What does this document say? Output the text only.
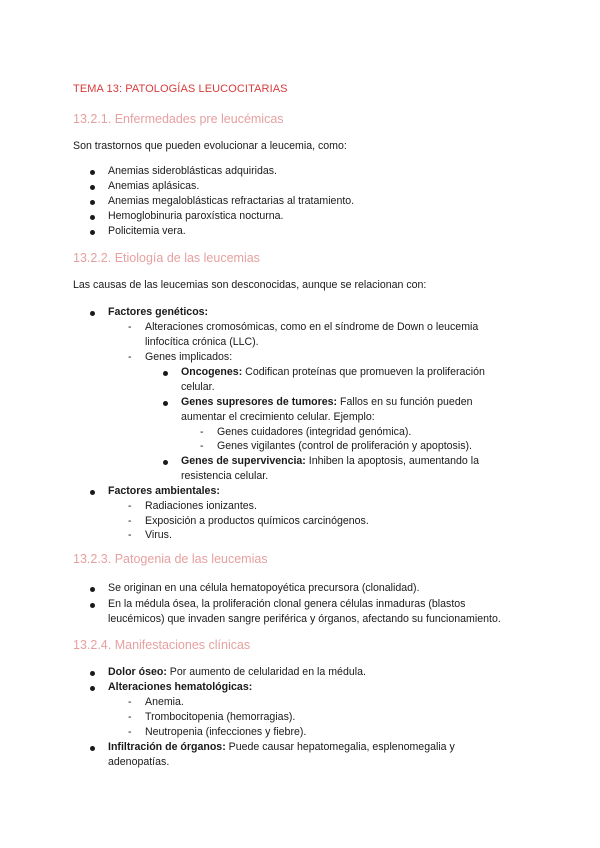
TEMA 13: PATOLOGÍAS LEUCOCITARIAS
13.2.1. Enfermedades pre leucémicas
Son trastornos que pueden evolucionar a leucemia, como:
Anemias sideroblásticas adquiridas.
Anemias aplásicas.
Anemias megaloblásticas refractarias al tratamiento.
Hemoglobinuria paroxística nocturna.
Policitemia vera.
13.2.2. Etiología de las leucemias
Las causas de las leucemias son desconocidas, aunque se relacionan con:
Factores genéticos:
- Alteraciones cromosómicas, como en el síndrome de Down o leucemia
linfocítica crónica (LLC).
- Genes implicados:
Oncogenes: Codifican proteínas que promueven la proliferación
celular.
Genes supresores de tumores: Fallos en su función pueden
aumentar el crecimiento celular. Ejemplo:
- Genes cuidadores (integridad genómica).
- Genes vigilantes (control de proliferación y apoptosis).
Genes de supervivencia: Inhiben la apoptosis, aumentando la
resistencia celular.
Factores ambientales:
- Radiaciones ionizantes.
- Exposición a productos químicos carcinógenos.
- Virus.
13.2.3. Patogenia de las leucemias
Se originan en una célula hematopoyética precursora (clonalidad).
En la médula ósea, la proliferación clonal genera células inmaduras (blastos
leucémicos) que invaden sangre periférica y órganos, afectando su funcionamiento.
13.2.4. Manifestaciones clínicas
Dolor óseo: Por aumento de celularidad en la médula.
Alteraciones hematológicas:
- Anemia.
- Trombocitopenia (hemorragias).
- Neutropenia (infecciones y fiebre).
Infiltración de órganos: Puede causar hepatomegalia, esplenomegalia y
adenopatías.
